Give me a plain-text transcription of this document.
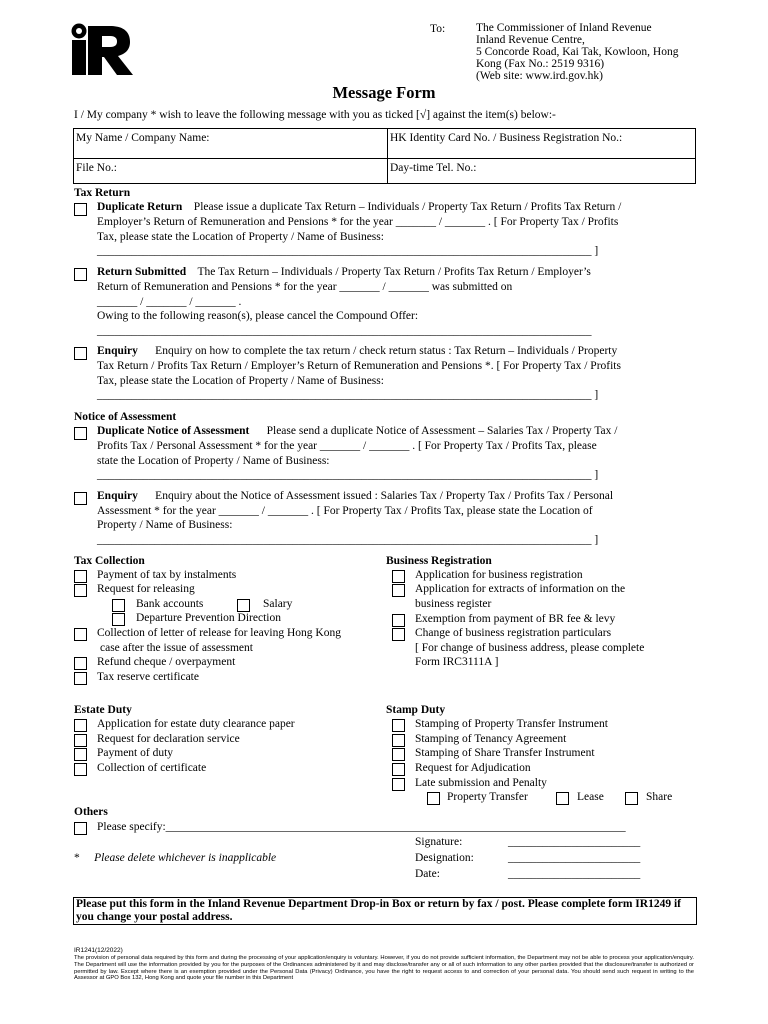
To:	The Commissioner of Inland Revenue
Inland Revenue Centre,
5 Concorde Road, Kai Tak, Kowloon, Hong
Kong (Fax No.: 2519 9316)
(Web site: www.ird.gov.hk)
Message Form
I / My company * wish to leave the following message with you as ticked [√] against the item(s) below:-
My Name / Company Name:	HK Identity Card No. / Business Registration No.:
File No.:	Day-time Tel. No.:
Tax Return
Duplicate Return Please issue a duplicate Tax Return – Individuals / Property Tax Return / Profits Tax Return /
Employer’s Return of Remuneration and Pensions * for the year _______ / _______ . [ For Property Tax / Profits
Tax, please state the Location of Property / Name of Business:
______________________________________________________________________________________ ]
Return Submitted The Tax Return – Individuals / Property Tax Return / Profits Tax Return / Employer’s
Return of Remuneration and Pensions * for the year _______ / _______ was submitted on
_______ / _______ / _______ .
Owing to the following reason(s), please cancel the Compound Offer:
______________________________________________________________________________________
Enquiry Enquiry on how to complete the tax return / check return status : Tax Return – Individuals / Property
Tax Return / Profits Tax Return / Employer’s Return of Remuneration and Pensions *. [ For Property Tax / Profits
Tax, please state the Location of Property / Name of Business:
______________________________________________________________________________________ ]
Notice of Assessment
Duplicate Notice of Assessment Please send a duplicate Notice of Assessment – Salaries Tax / Property Tax /
Profits Tax / Personal Assessment * for the year _______ / _______ . [ For Property Tax / Profits Tax, please
state the Location of Property / Name of Business:
______________________________________________________________________________________ ]
Enquiry Enquiry about the Notice of Assessment issued : Salaries Tax / Property Tax / Profits Tax / Personal
Assessment * for the year _______ / _______ . [ For Property Tax / Profits Tax, please state the Location of
Property / Name of Business:
______________________________________________________________________________________ ]
Tax Collection
Payment of tax by instalments
Request for releasing
Bank accounts	Salary
Departure Prevention Direction
Collection of letter of release for leaving Hong Kong
case after the issue of assessment
Refund cheque / overpayment
Tax reserve certificate
Business Registration
Application for business registration
Application for extracts of information on the
business register
Exemption from payment of BR fee & levy
Change of business registration particulars
[ For change of business address, please complete
Form IRC3111A ]
Estate Duty
Application for estate duty clearance paper
Request for declaration service
Payment of duty
Collection of certificate
Stamp Duty
Stamping of Property Transfer Instrument
Stamping of Tenancy Agreement
Stamping of Share Transfer Instrument
Request for Adjudication
Late submission and Penalty
Property Transfer	Lease	Share
Others
Please specify:________________________________________________________________________________
* Please delete whichever is inapplicable
Signature:	_______________________
Designation:	_______________________
Date:	_______________________
Please put this form in the Inland Revenue Department Drop-in Box or return by fax / post. Please complete form IR1249 if you change your postal address.
IR1241(12/2022)
The provision of personal data required by this form and during the processing of your application/enquiry is voluntary. However, if you do not provide sufficient information, the Department may not be able to process your application/enquiry. The Department will use the information provided by you for the purposes of the Ordinances administered by it and may disclose/transfer any or all of such information to any other parties provided that the disclosure/transfer is authorized or permitted by law. Except where there is an exemption provided under the Personal Data (Privacy) Ordinance, you have the right to request access to and correction of your personal data. You should send such request in writing to the Assessor at GPO Box 132, Hong Kong and quote your file number in this Department
